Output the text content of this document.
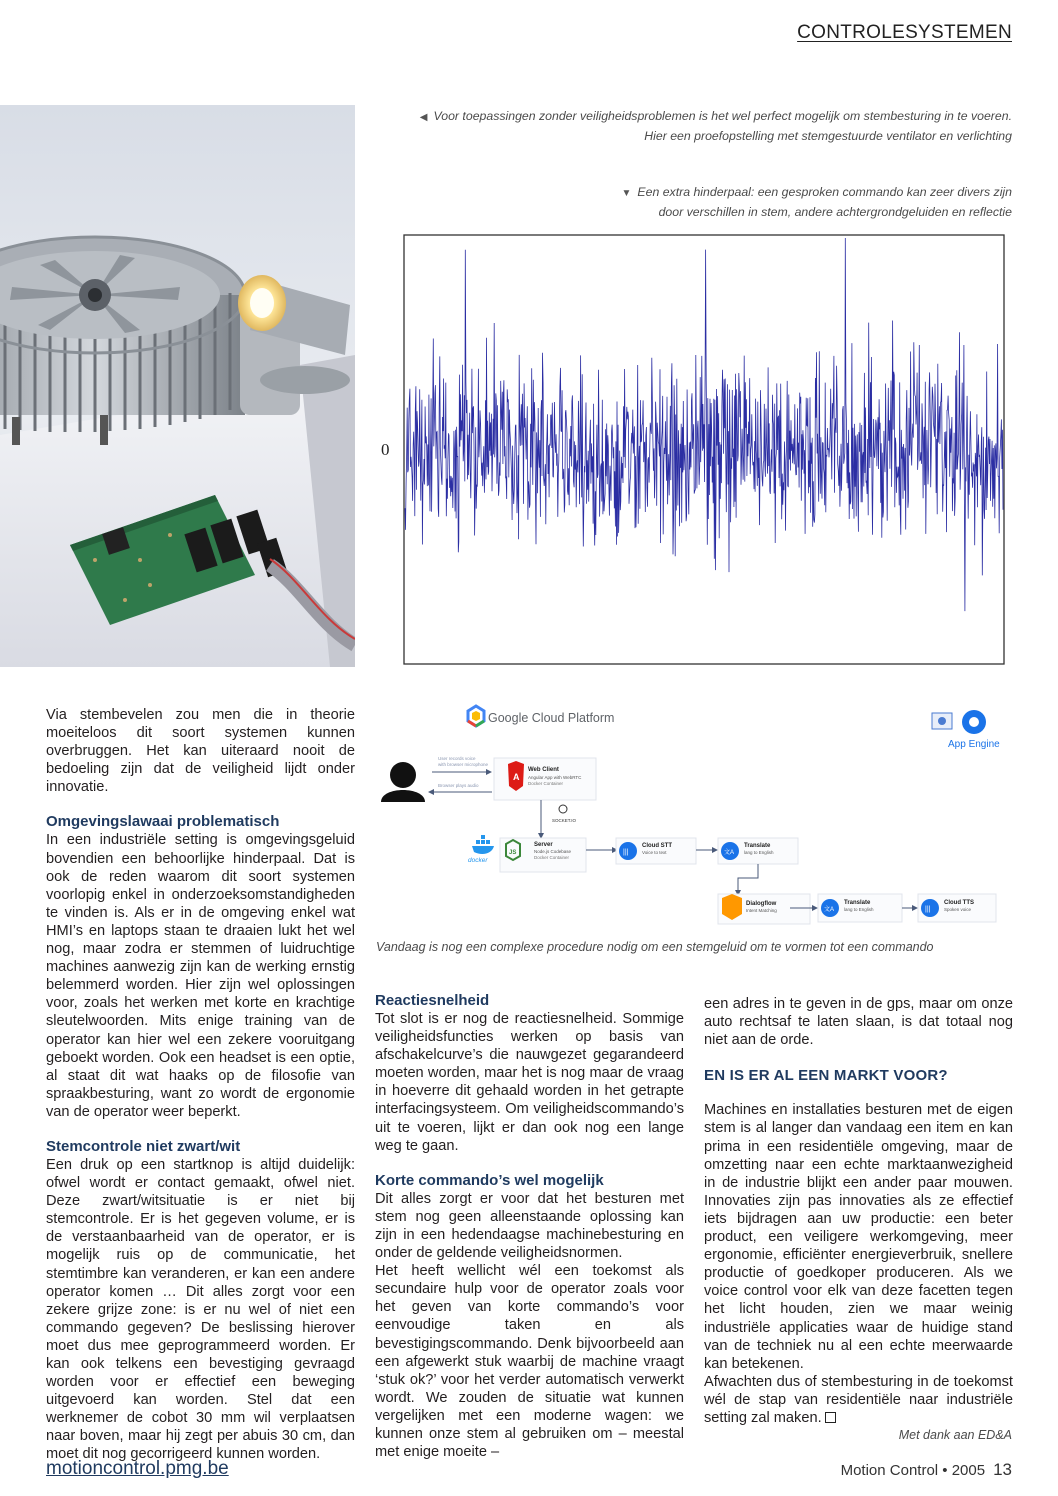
CONTROLESYSTEMEN
◀ Voor toepassingen zonder veiligheidsproblemen is het wel perfect mogelijk om stembesturing in te voeren.
Hier een proefopstelling met stemgestuurde ventilator en verlichting
▼ Een extra hinderpaal: een gesproken commando kan zeer divers zijn
door verschillen in stem, andere achtergrondgeluiden en reflectie
0
Google Cloud Platform
App Engine
User records voice
with browser microphone
Browser plays audio
A
Web Client
Angular App with WebRTC
Docker Container
SOCKET.IO
docker
JS
Server
Node.js Codebase
Docker Container
|||
Cloud STT
Voice to text	文A
Translate
lang to English
Dialogflow
Intent Matching	文A
Translate
lang to English	|||
Cloud TTS
Spoken voice
Vandaag is nog een complexe procedure nodig om een stemgeluid om te vormen tot een commando

Via stembevelen zou men die in theorie moeiteloos dit soort systemen kunnen overbruggen. Het kan uiteraard nooit de bedoeling zijn dat de veiligheid lijdt onder innovatie.

Omgevingslawaai problematisch

In een industriële setting is omgevingsgeluid bovendien een behoorlijke hinderpaal. Dat is ook de reden waarom dit soort systemen voorlopig enkel in onderzoeksomstandigheden te vinden is. Als er in de omgeving enkel wat HMI’s en laptops staan te draaien lukt het wel nog, maar zodra er stemmen of luidruchtige machines aanwezig zijn kan de werking ernstig belemmerd worden. Hier zijn wel oplossingen voor, zoals het werken met korte en krachtige sleutelwoorden. Mits enige training van de operator kan hier wel een zekere vooruitgang geboekt worden. Ook een headset is een optie, al staat dit wat haaks op de filosofie van spraakbesturing, want zo wordt de ergonomie van de operator weer beperkt.

Stemcontrole niet zwart/wit

Een druk op een startknop is altijd duidelijk: ofwel wordt er contact gemaakt, ofwel niet. Deze zwart/witsituatie is er niet bij stemcontrole. Er is het gegeven volume, er is de verstaanbaarheid van de operator, er is mogelijk ruis op de communicatie, het stemtimbre kan veranderen, er kan een andere operator komen … Dit alles zorgt voor een zekere grijze zone: is er nu wel of niet een commando gegeven? De beslissing hierover moet dus mee geprogrammeerd worden. Er kan ook telkens een bevestiging gevraagd worden voor er effectief een beweging uitgevoerd kan worden. Stel dat een werknemer de cobot 30 mm wil verplaatsen naar boven, maar hij zegt per abuis 30 cm, dan moet dit nog gecorrigeerd kunnen worden.

Reactiesnelheid

Tot slot is er nog de reactiesnelheid. Sommige veiligheidsfuncties werken op basis van afschakelcurve’s die nauwgezet gegarandeerd moeten worden, maar het is nog maar de vraag in hoeverre dit gehaald worden in het getrapte interfacingsysteem. Om veiligheidscommando’s uit te voeren, lijkt er dan ook nog een lange weg te gaan.

Korte commando’s wel mogelijk

Dit alles zorgt er voor dat het besturen met stem nog geen alleenstaande oplossing kan zijn in een hedendaagse machinebesturing en onder de geldende veiligheidsnormen.

Het heeft wellicht wél een toekomst als secundaire hulp voor de operator zoals voor het geven van korte commando’s voor eenvoudige taken en als bevestigingscommando. Denk bijvoorbeeld aan een afgewerkt stuk waarbij de machine vraagt ‘stuk ok?’ voor het verder automatisch verwerkt wordt. We zouden de situatie wat kunnen vergelijken met een moderne wagen: we kunnen onze stem al gebruiken om – meestal met enige moeite –

een adres in te geven in de gps, maar om onze auto rechtsaf te laten slaan, is dat totaal nog niet aan de orde.

EN IS ER AL EEN MARKT VOOR?

Machines en installaties besturen met de eigen stem is al langer dan vandaag een item en kan prima in een residentiële omgeving, maar de omzetting naar een echte marktaanwezigheid in de industrie blijkt een ander paar mouwen. Innovaties zijn pas innovaties als ze effectief iets bijdragen aan uw productie: een beter product, een veiligere werkomgeving, meer ergonomie, efficiënter energieverbruik, snellere productie of goedkoper produceren. Als we voice control voor elk van deze facetten tegen het licht houden, zien we maar weinig industriële applicaties waar de huidige stand van de techniek nu al een echte meerwaarde kan betekenen.

Afwachten dus of stembesturing in de toekomst wél de stap van residentiële naar industriële setting zal maken.

Met dank aan ED&A
motioncontrol.pmg.be	Motion Control • 2005 13
